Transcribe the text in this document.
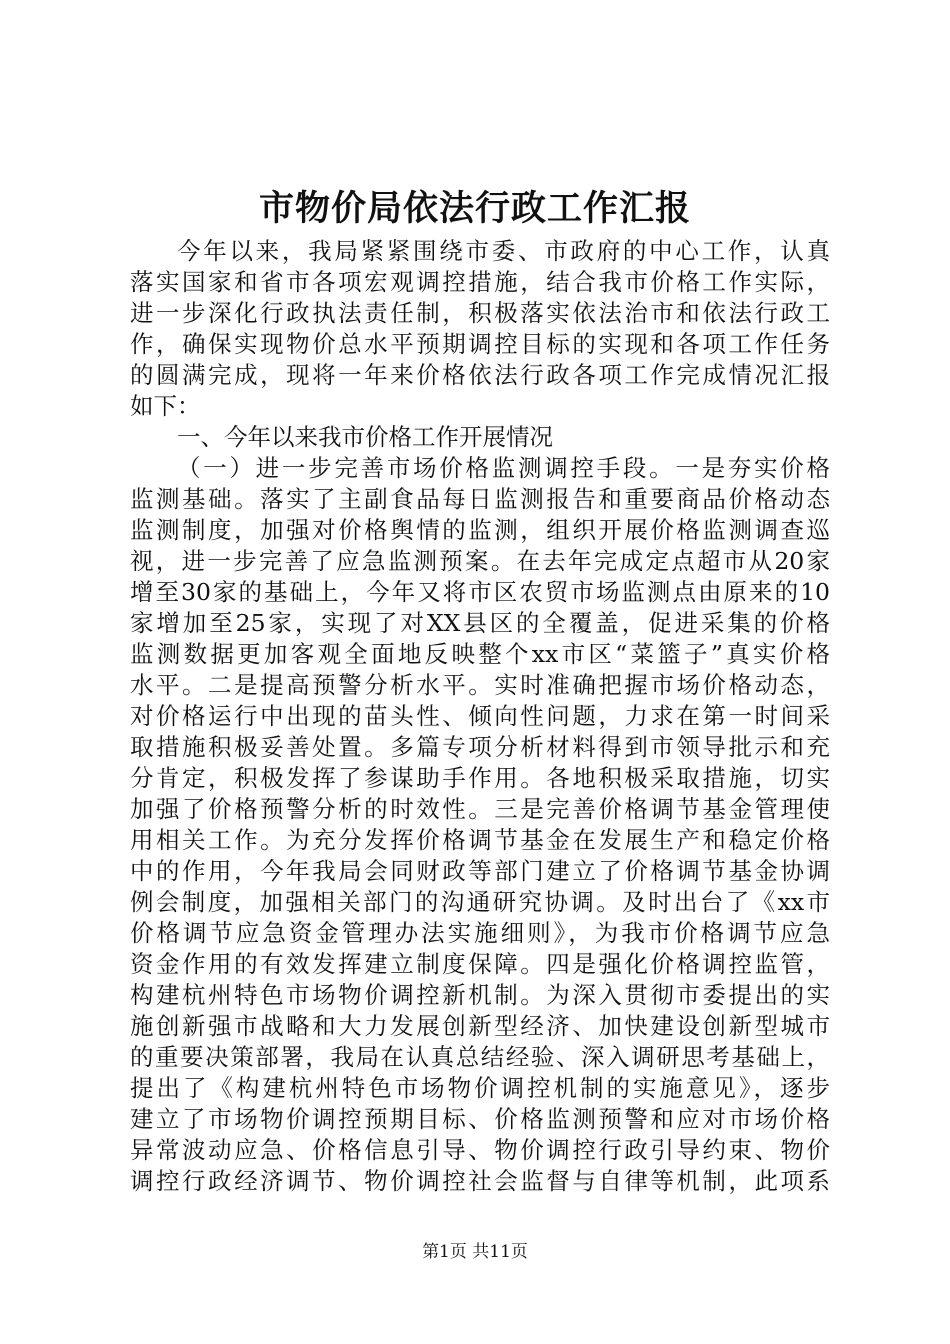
市物价局依法行政工作汇报
今年以来，我局紧紧围绕市委、市政府的中心工作，认真
落实国家和省市各项宏观调控措施，结合我市价格工作实际，
进一步深化行政执法责任制，积极落实依法治市和依法行政工
作，确保实现物价总水平预期调控目标的实现和各项工作任务
的圆满完成，现将一年来价格依法行政各项工作完成情况汇报
如下：
一、今年以来我市价格工作开展情况
（一）进一步完善市场价格监测调控手段。一是夯实价格
监测基础。落实了主副食品每日监测报告和重要商品价格动态
监测制度，加强对价格舆情的监测，组织开展价格监测调查巡
视，进一步完善了应急监测预案。在去年完成定点超市从20家
增至30家的基础上，今年又将市区农贸市场监测点由原来的10
家增加至25家，实现了对XX县区的全覆盖，促进采集的价格
监测数据更加客观全面地反映整个xx市区“菜篮子”真实价格
水平。二是提高预警分析水平。实时准确把握市场价格动态，
对价格运行中出现的苗头性、倾向性问题，力求在第一时间采
取措施积极妥善处置。多篇专项分析材料得到市领导批示和充
分肯定，积极发挥了参谋助手作用。各地积极采取措施，切实
加强了价格预警分析的时效性。三是完善价格调节基金管理使
用相关工作。为充分发挥价格调节基金在发展生产和稳定价格
中的作用，今年我局会同财政等部门建立了价格调节基金协调
例会制度，加强相关部门的沟通研究协调。及时出台了《xx市
价格调节应急资金管理办法实施细则》，为我市价格调节应急
资金作用的有效发挥建立制度保障。四是强化价格调控监管，
构建杭州特色市场物价调控新机制。为深入贯彻市委提出的实
施创新强市战略和大力发展创新型经济、加快建设创新型城市
的重要决策部署，我局在认真总结经验、深入调研思考基础上，
提出了《构建杭州特色市场物价调控机制的实施意见》，逐步
建立了市场物价调控预期目标、价格监测预警和应对市场价格
异常波动应急、价格信息引导、物价调控行政引导约束、物价
调控行政经济调节、物价调控社会监督与自律等机制，此项系
第1页 共11页
